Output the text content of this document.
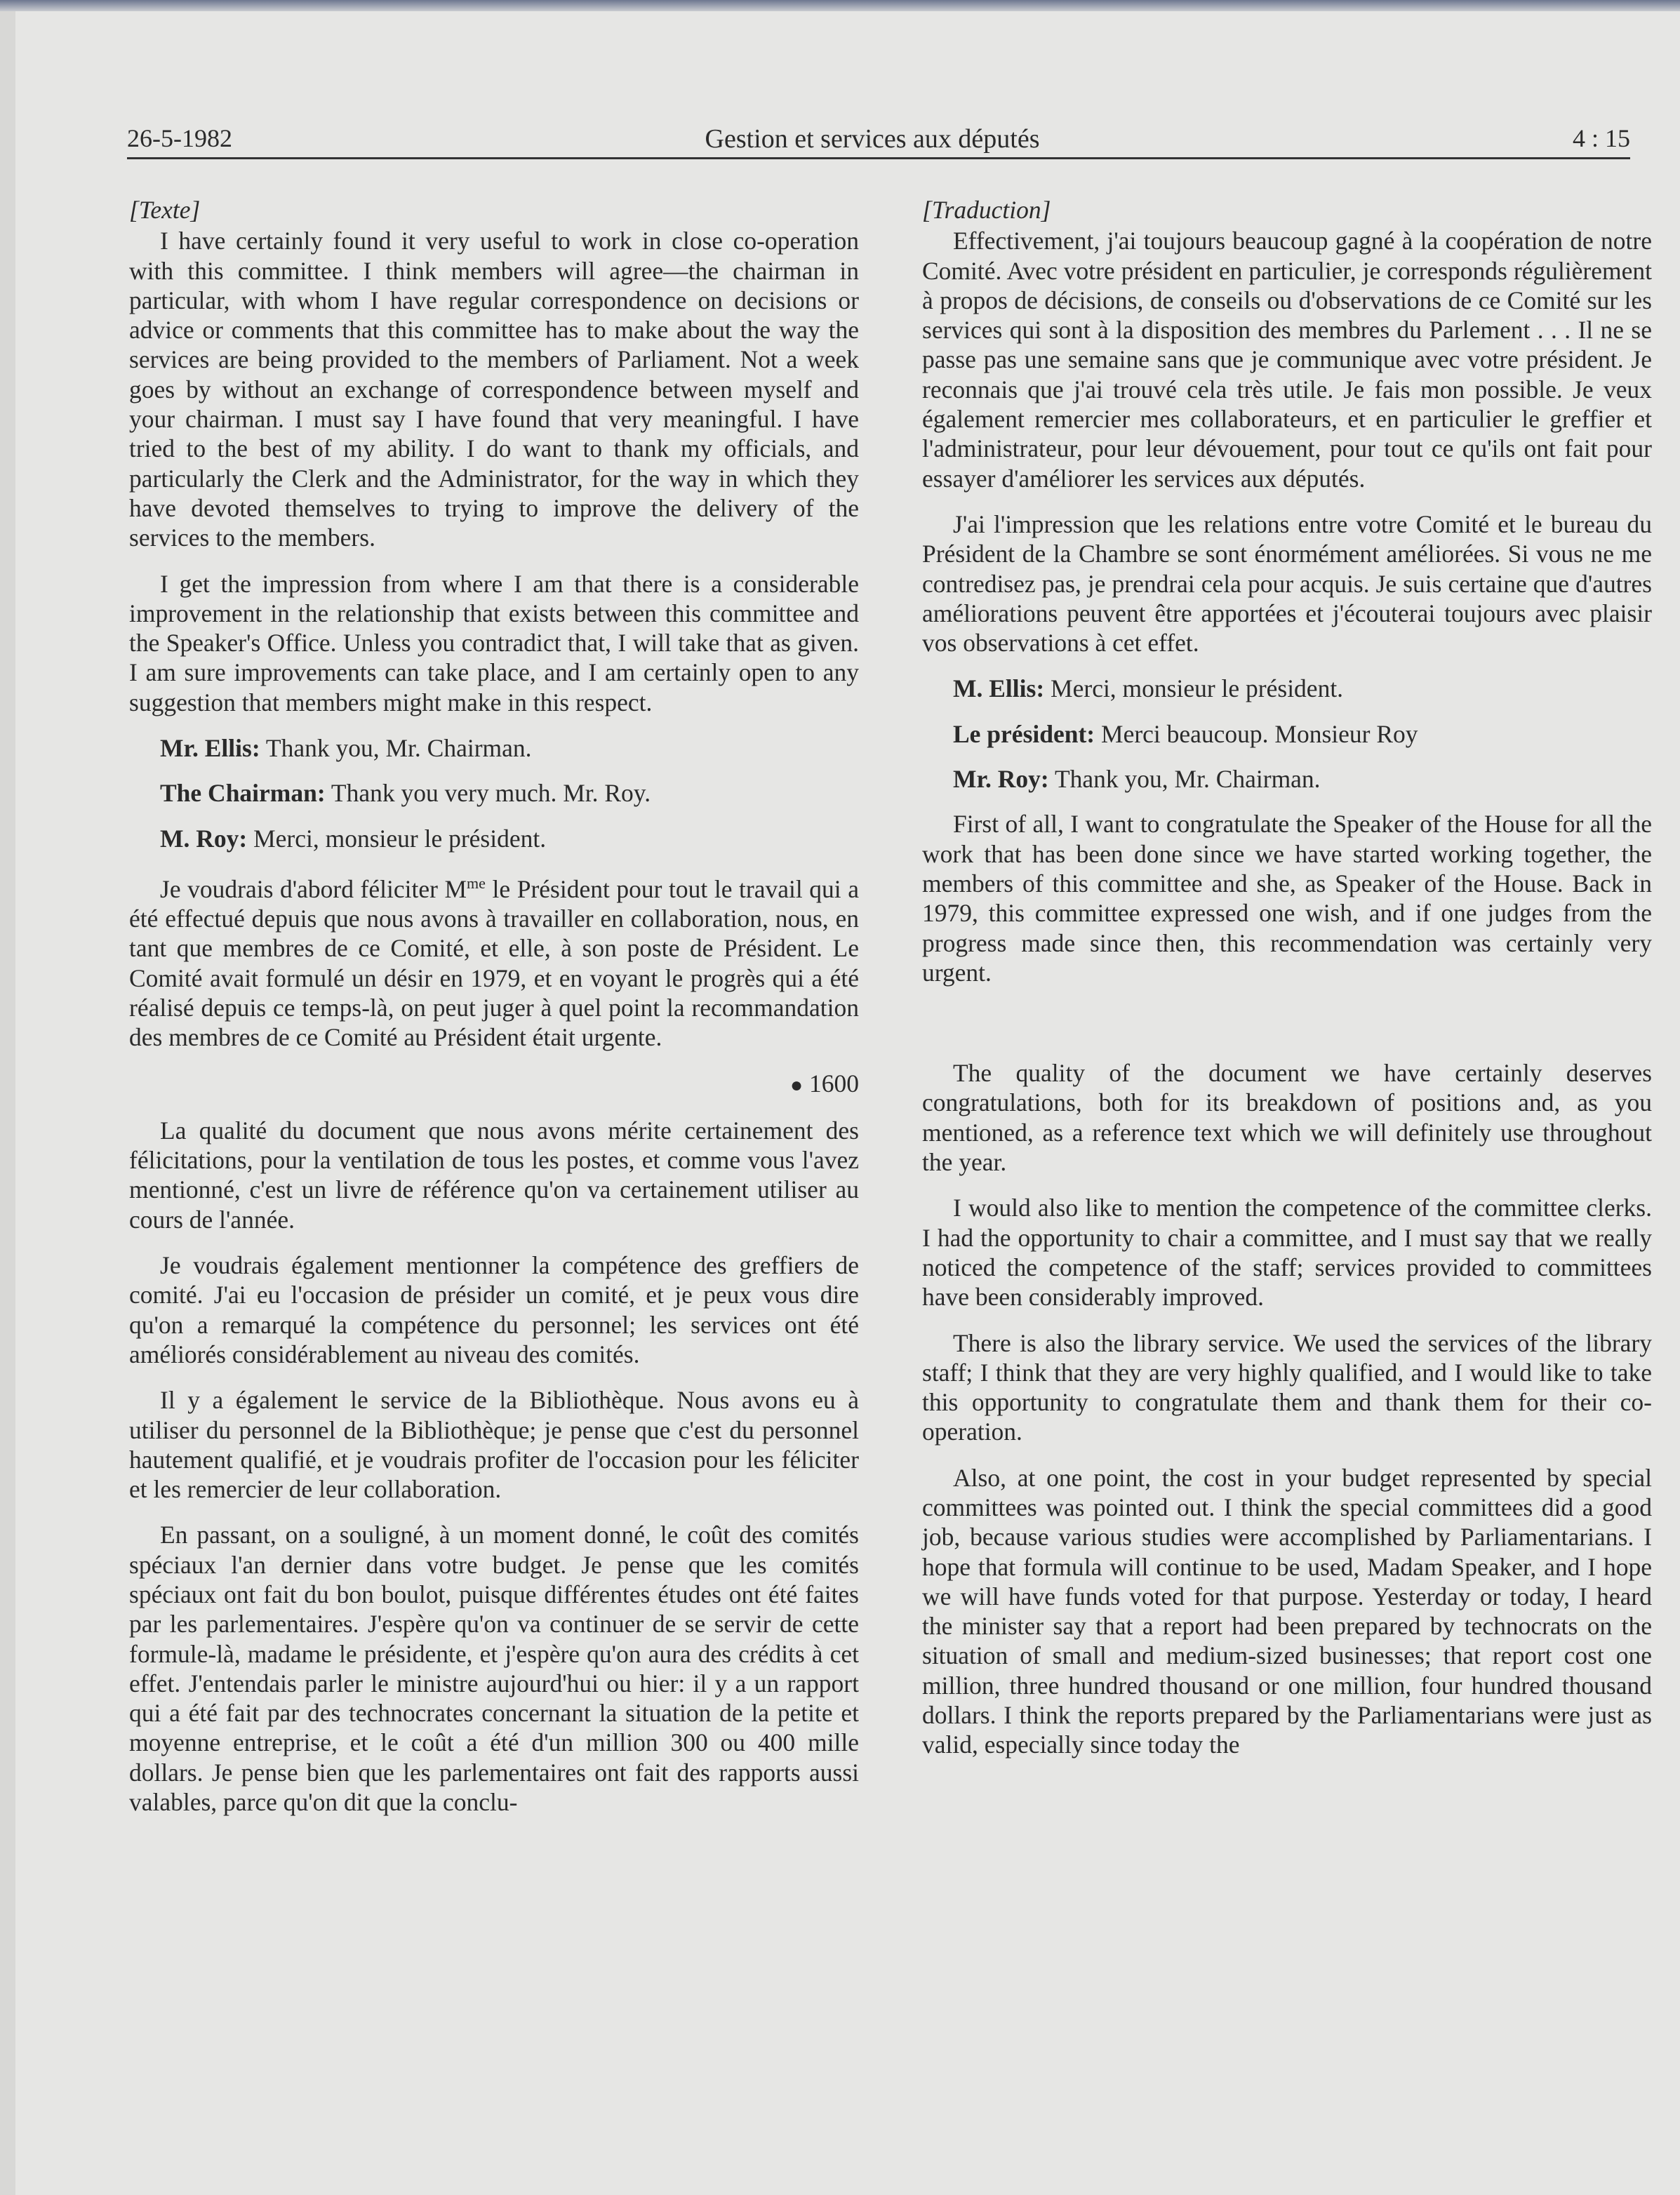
26-5-1982	Gestion et services aux députés	4 : 15

[Texte]

I have certainly found it very useful to work in close co-operation with this committee. I think members will agree—the chairman in particular, with whom I have regular correspondence on decisions or advice or comments that this committee has to make about the way the services are being provided to the members of Parliament. Not a week goes by without an exchange of correspondence between myself and your chairman. I must say I have found that very meaningful. I have tried to the best of my ability. I do want to thank my officials, and particularly the Clerk and the Administrator, for the way in which they have devoted themselves to trying to improve the delivery of the services to the members.

I get the impression from where I am that there is a considerable improvement in the relationship that exists between this committee and the Speaker's Office. Unless you contradict that, I will take that as given. I am sure improvements can take place, and I am certainly open to any suggestion that members might make in this respect.

Mr. Ellis: Thank you, Mr. Chairman.

The Chairman: Thank you very much. Mr. Roy.

M. Roy: Merci, monsieur le président.

Je voudrais d'abord féliciter $M^{me}$ le Président pour tout le travail qui a été effectué depuis que nous avons à travailler en collaboration, nous, en tant que membres de ce Comité, et elle, à son poste de Président. Le Comité avait formulé un désir en 1979, et en voyant le progrès qui a été réalisé depuis ce temps-là, on peut juger à quel point la recommandation des membres de ce Comité au Président était urgente.

● 1600

La qualité du document que nous avons mérite certainement des félicitations, pour la ventilation de tous les postes, et comme vous l'avez mentionné, c'est un livre de référence qu'on va certainement utiliser au cours de l'année.

Je voudrais également mentionner la compétence des greffiers de comité. J'ai eu l'occasion de présider un comité, et je peux vous dire qu'on a remarqué la compétence du personnel; les services ont été améliorés considérablement au niveau des comités.

Il y a également le service de la Bibliothèque. Nous avons eu à utiliser du personnel de la Bibliothèque; je pense que c'est du personnel hautement qualifié, et je voudrais profiter de l'occasion pour les féliciter et les remercier de leur collaboration.

En passant, on a souligné, à un moment donné, le coût des comités spéciaux l'an dernier dans votre budget. Je pense que les comités spéciaux ont fait du bon boulot, puisque différentes études ont été faites par les parlementaires. J'espère qu'on va continuer de se servir de cette formule-là, madame le présidente, et j'espère qu'on aura des crédits à cet effet. J'entendais parler le ministre aujourd'hui ou hier: il y a un rapport qui a été fait par des technocrates concernant la situation de la petite et moyenne entreprise, et le coût a été d'un million 300 ou 400 mille dollars. Je pense bien que les parlementaires ont fait des rapports aussi valables, parce qu'on dit que la conclu-

[Traduction]

Effectivement, j'ai toujours beaucoup gagné à la coopération de notre Comité. Avec votre président en particulier, je corresponds régulièrement à propos de décisions, de conseils ou d'observations de ce Comité sur les services qui sont à la disposition des membres du Parlement . . . Il ne se passe pas une semaine sans que je communique avec votre président. Je reconnais que j'ai trouvé cela très utile. Je fais mon possible. Je veux également remercier mes collaborateurs, et en particulier le greffier et l'administrateur, pour leur dévouement, pour tout ce qu'ils ont fait pour essayer d'améliorer les services aux députés.

J'ai l'impression que les relations entre votre Comité et le bureau du Président de la Chambre se sont énormément améliorées. Si vous ne me contredisez pas, je prendrai cela pour acquis. Je suis certaine que d'autres améliorations peuvent être apportées et j'écouterai toujours avec plaisir vos observations à cet effet.

M. Ellis: Merci, monsieur le président.

Le président: Merci beaucoup. Monsieur Roy

Mr. Roy: Thank you, Mr. Chairman.

First of all, I want to congratulate the Speaker of the House for all the work that has been done since we have started working together, the members of this committee and she, as Speaker of the House. Back in 1979, this committee expressed one wish, and if one judges from the progress made since then, this recommendation was certainly very urgent.

The quality of the document we have certainly deserves congratulations, both for its breakdown of positions and, as you mentioned, as a reference text which we will definitely use throughout the year.

I would also like to mention the competence of the committee clerks. I had the opportunity to chair a committee, and I must say that we really noticed the competence of the staff; services provided to committees have been considerably improved.

There is also the library service. We used the services of the library staff; I think that they are very highly qualified, and I would like to take this opportunity to congratulate them and thank them for their co-operation.

Also, at one point, the cost in your budget represented by special committees was pointed out. I think the special committees did a good job, because various studies were accomplished by Parliamentarians. I hope that formula will continue to be used, Madam Speaker, and I hope we will have funds voted for that purpose. Yesterday or today, I heard the minister say that a report had been prepared by technocrats on the situation of small and medium-sized businesses; that report cost one million, three hundred thousand or one million, four hundred thousand dollars. I think the reports prepared by the Parliamentarians were just as valid, especially since today the
